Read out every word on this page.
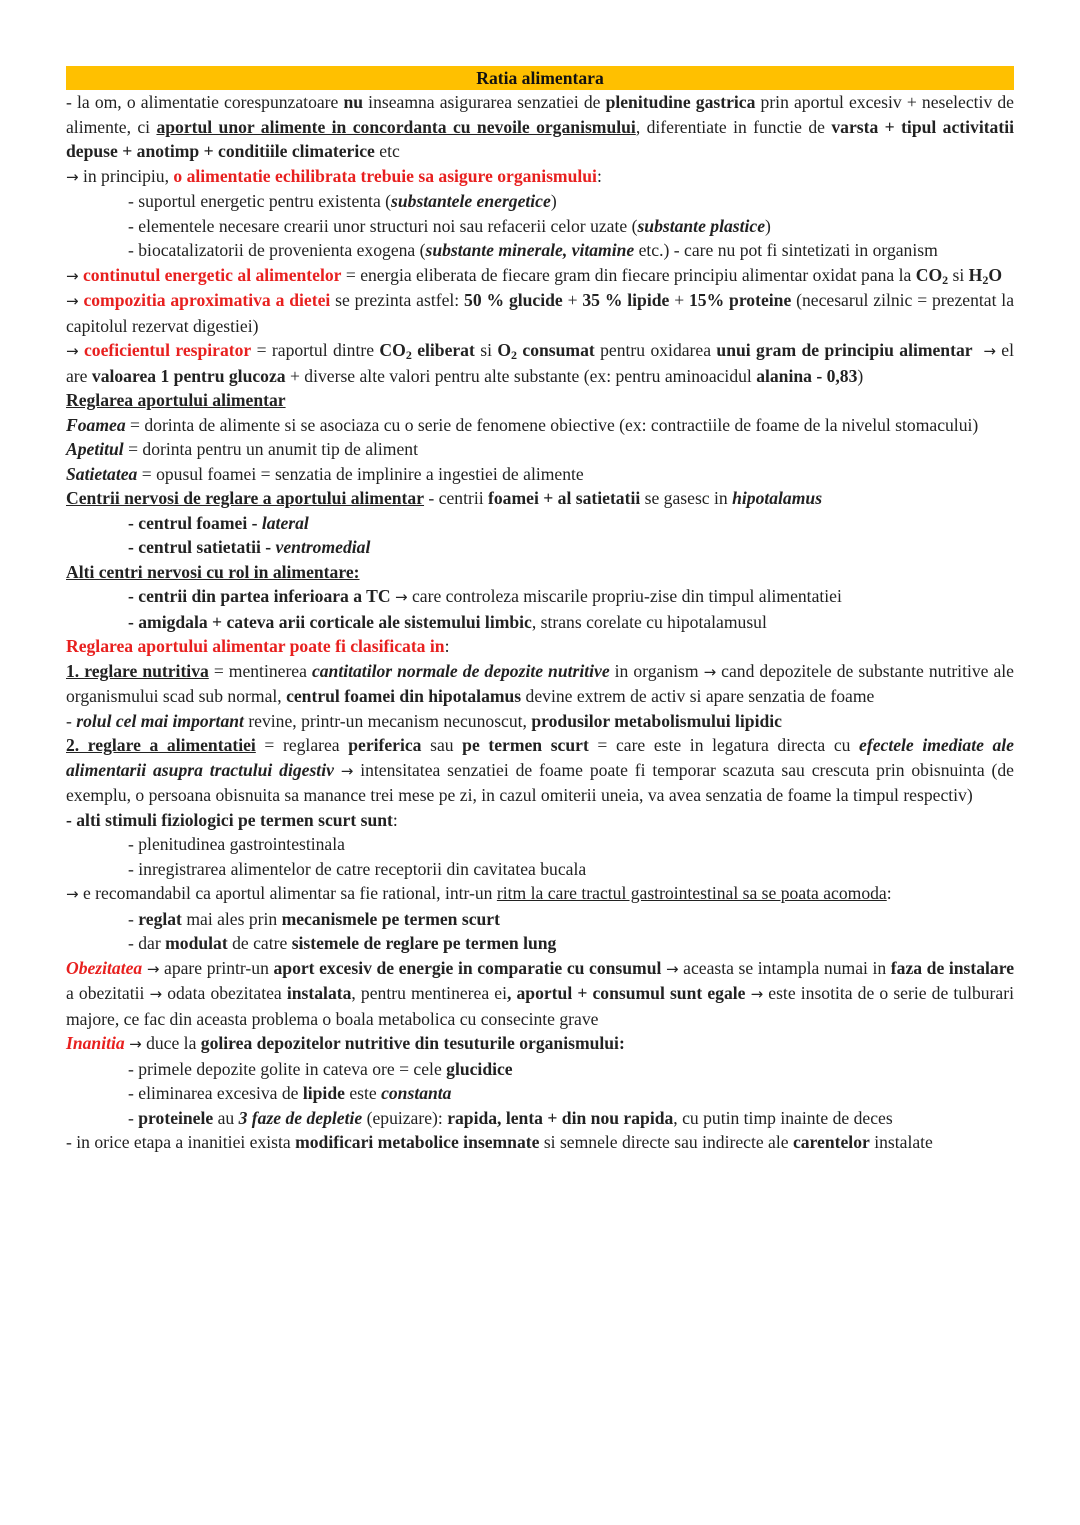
Ratia alimentara

- la om, o alimentatie corespunzatoare nu inseamna asigurarea senzatiei de plenitudine gastrica prin aportul excesiv + neselectiv de alimente, ci aportul unor alimente in concordanta cu nevoile organismului, diferentiate in functie de varsta + tipul activitatii depuse + anotimp + conditiile climaterice etc

→ in principiu, o alimentatie echilibrata trebuie sa asigure organismului:

- suportul energetic pentru existenta (substantele energetice)

- elementele necesare crearii unor structuri noi sau refacerii celor uzate (substante plastice)

- biocatalizatorii de provenienta exogena (substante minerale, vitamine etc.) - care nu pot fi sintetizati in organism

→ continutul energetic al alimentelor = energia eliberata de fiecare gram din fiecare principiu alimentar oxidat pana la $CO_2$ si $H_2O$

→ compozitia aproximativa a dietei se prezinta astfel: 50 % glucide + 35 % lipide + 15% proteine (necesarul zilnic = prezentat la capitolul rezervat digestiei)

→ coeficientul respirator = raportul dintre $CO_2$ eliberat si $O_2$ consumat pentru oxidarea unui gram de principiu alimentar → el are valoarea 1 pentru glucoza + diverse alte valori pentru alte substante (ex: pentru aminoacidul alanina - 0,83)

Reglarea aportului alimentar

Foamea = dorinta de alimente si se asociaza cu o serie de fenomene obiective (ex: contractiile de foame de la nivelul stomacului)

Apetitul = dorinta pentru un anumit tip de aliment

Satietatea = opusul foamei = senzatia de implinire a ingestiei de alimente

Centrii nervosi de reglare a aportului alimentar - centrii foamei + al satietatii se gasesc in hipotalamus

- centrul foamei - lateral

- centrul satietatii - ventromedial

Alti centri nervosi cu rol in alimentare:

- centrii din partea inferioara a TC → care controleza miscarile propriu-zise din timpul alimentatiei

- amigdala + cateva arii corticale ale sistemului limbic, strans corelate cu hipotalamusul

Reglarea aportului alimentar poate fi clasificata in:

1. reglare nutritiva = mentinerea cantitatilor normale de depozite nutritive in organism → cand depozitele de substante nutritive ale organismului scad sub normal, centrul foamei din hipotalamus devine extrem de activ si apare senzatia de foame

- rolul cel mai important revine, printr-un mecanism necunoscut, produsilor metabolismului lipidic

2. reglare a alimentatiei = reglarea periferica sau pe termen scurt = care este in legatura directa cu efectele imediate ale alimentarii asupra tractului digestiv → intensitatea senzatiei de foame poate fi temporar scazuta sau crescuta prin obisnuinta (de exemplu, o persoana obisnuita sa manance trei mese pe zi, in cazul omiterii uneia, va avea senzatia de foame la timpul respectiv)

- alti stimuli fiziologici pe termen scurt sunt:

- plenitudinea gastrointestinala

- inregistrarea alimentelor de catre receptorii din cavitatea bucala

→ e recomandabil ca aportul alimentar sa fie rational, intr-un ritm la care tractul gastrointestinal sa se poata acomoda:

- reglat mai ales prin mecanismele pe termen scurt

- dar modulat de catre sistemele de reglare pe termen lung

Obezitatea → apare printr-un aport excesiv de energie in comparatie cu consumul → aceasta se intampla numai in faza de instalare a obezitatii → odata obezitatea instalata, pentru mentinerea ei, aportul + consumul sunt egale → este insotita de o serie de tulburari majore, ce fac din aceasta problema o boala metabolica cu consecinte grave

Inanitia → duce la golirea depozitelor nutritive din tesuturile organismului:

- primele depozite golite in cateva ore = cele glucidice

- eliminarea excesiva de lipide este constanta

- proteinele au 3 faze de depletie (epuizare): rapida, lenta + din nou rapida, cu putin timp inainte de deces

- in orice etapa a inanitiei exista modificari metabolice insemnate si semnele directe sau indirecte ale carentelor instalate
